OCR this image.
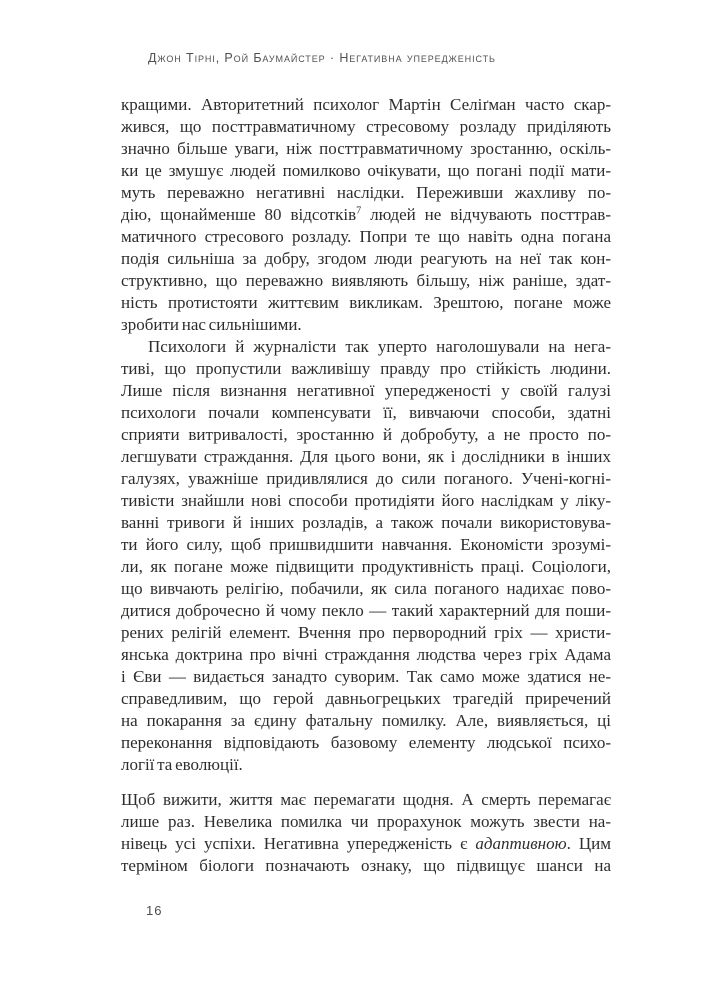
Джон Тірні, Рой Баумайстер · Негативна упередженість
кращими. Авторитетний психолог Мартін Селіґман часто скар-
жився, що посттравматичному стресовому розладу приділяють
значно більше уваги, ніж посттравматичному зростанню, оскіль-
ки це змушує людей помилково очікувати, що погані події мати-
муть переважно негативні наслідки. Переживши жахливу по-
дію, щонайменше 80 відсотків$^7$ людей не відчувають посттрав-
матичного стресового розладу. Попри те що навіть одна погана
подія сильніша за добру, згодом люди реагують на неї так кон-
структивно, що переважно виявляють більшу, ніж раніше, здат-
ність протистояти життєвим викликам. Зрештою, погане може
зробити нас сильнішими.
Психологи й журналісти так уперто наголошували на нега-
тиві, що пропустили важливішу правду про стійкість людини.
Лише після визнання негативної упередженості у своїй галузі
психологи почали компенсувати її, вивчаючи способи, здатні
сприяти витривалості, зростанню й добробуту, а не просто по-
легшувати страждання. Для цього вони, як і дослідники в інших
галузях, уважніше придивлялися до сили поганого. Учені-когні-
тивісти знайшли нові способи протидіяти його наслідкам у ліку-
ванні тривоги й інших розладів, а також почали використовува-
ти його силу, щоб пришвидшити навчання. Економісти зрозумі-
ли, як погане може підвищити продуктивність праці. Соціологи,
що вивчають релігію, побачили, як сила поганого надихає пово-
дитися доброчесно й чому пекло — такий характерний для поши-
рених релігій елемент. Вчення про первородний гріх — христи-
янська доктрина про вічні страждання людства через гріх Адама
і Єви — видається занадто суворим. Так само може здатися не-
справедливим, що герой давньогрецьких трагедій приречений
на покарання за єдину фатальну помилку. Але, виявляється, ці
переконання відповідають базовому елементу людської психо-
логії та еволюції.
Щоб вижити, життя має перемагати щодня. А смерть перемагає
лише раз. Невелика помилка чи прорахунок можуть звести на-
нівець усі успіхи. Негативна упередженість є адаптивною. Цим
терміном біологи позначають ознаку, що підвищує шанси на
16
